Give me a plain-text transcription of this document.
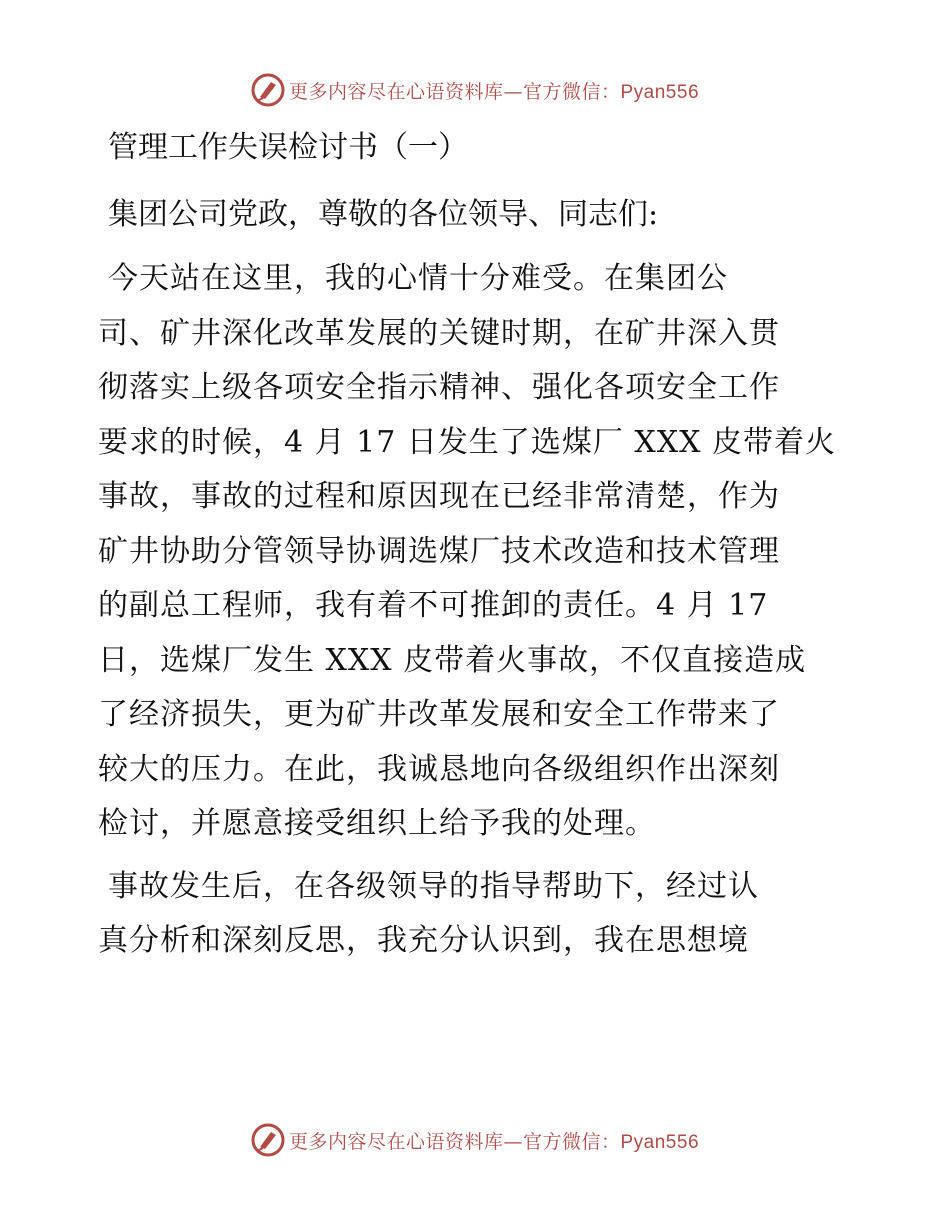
更多内容尽在心语资料库—官方微信：Pyan556
管理工作失误检讨书（一）
集团公司党政，尊敬的各位领导、同志们:
今天站在这里，我的心情十分难受。在集团公
司、矿井深化改革发展的关键时期，在矿井深入贯
彻落实上级各项安全指示精神、强化各项安全工作
要求的时候，4 月 17 日发生了选煤厂 XXX 皮带着火
事故，事故的过程和原因现在已经非常清楚，作为
矿井协助分管领导协调选煤厂技术改造和技术管理
的副总工程师，我有着不可推卸的责任。4 月 17
日，选煤厂发生 XXX 皮带着火事故，不仅直接造成
了经济损失，更为矿井改革发展和安全工作带来了
较大的压力。在此，我诚恳地向各级组织作出深刻
检讨，并愿意接受组织上给予我的处理。
事故发生后，在各级领导的指导帮助下，经过认
真分析和深刻反思，我充分认识到，我在思想境
更多内容尽在心语资料库—官方微信：Pyan556
